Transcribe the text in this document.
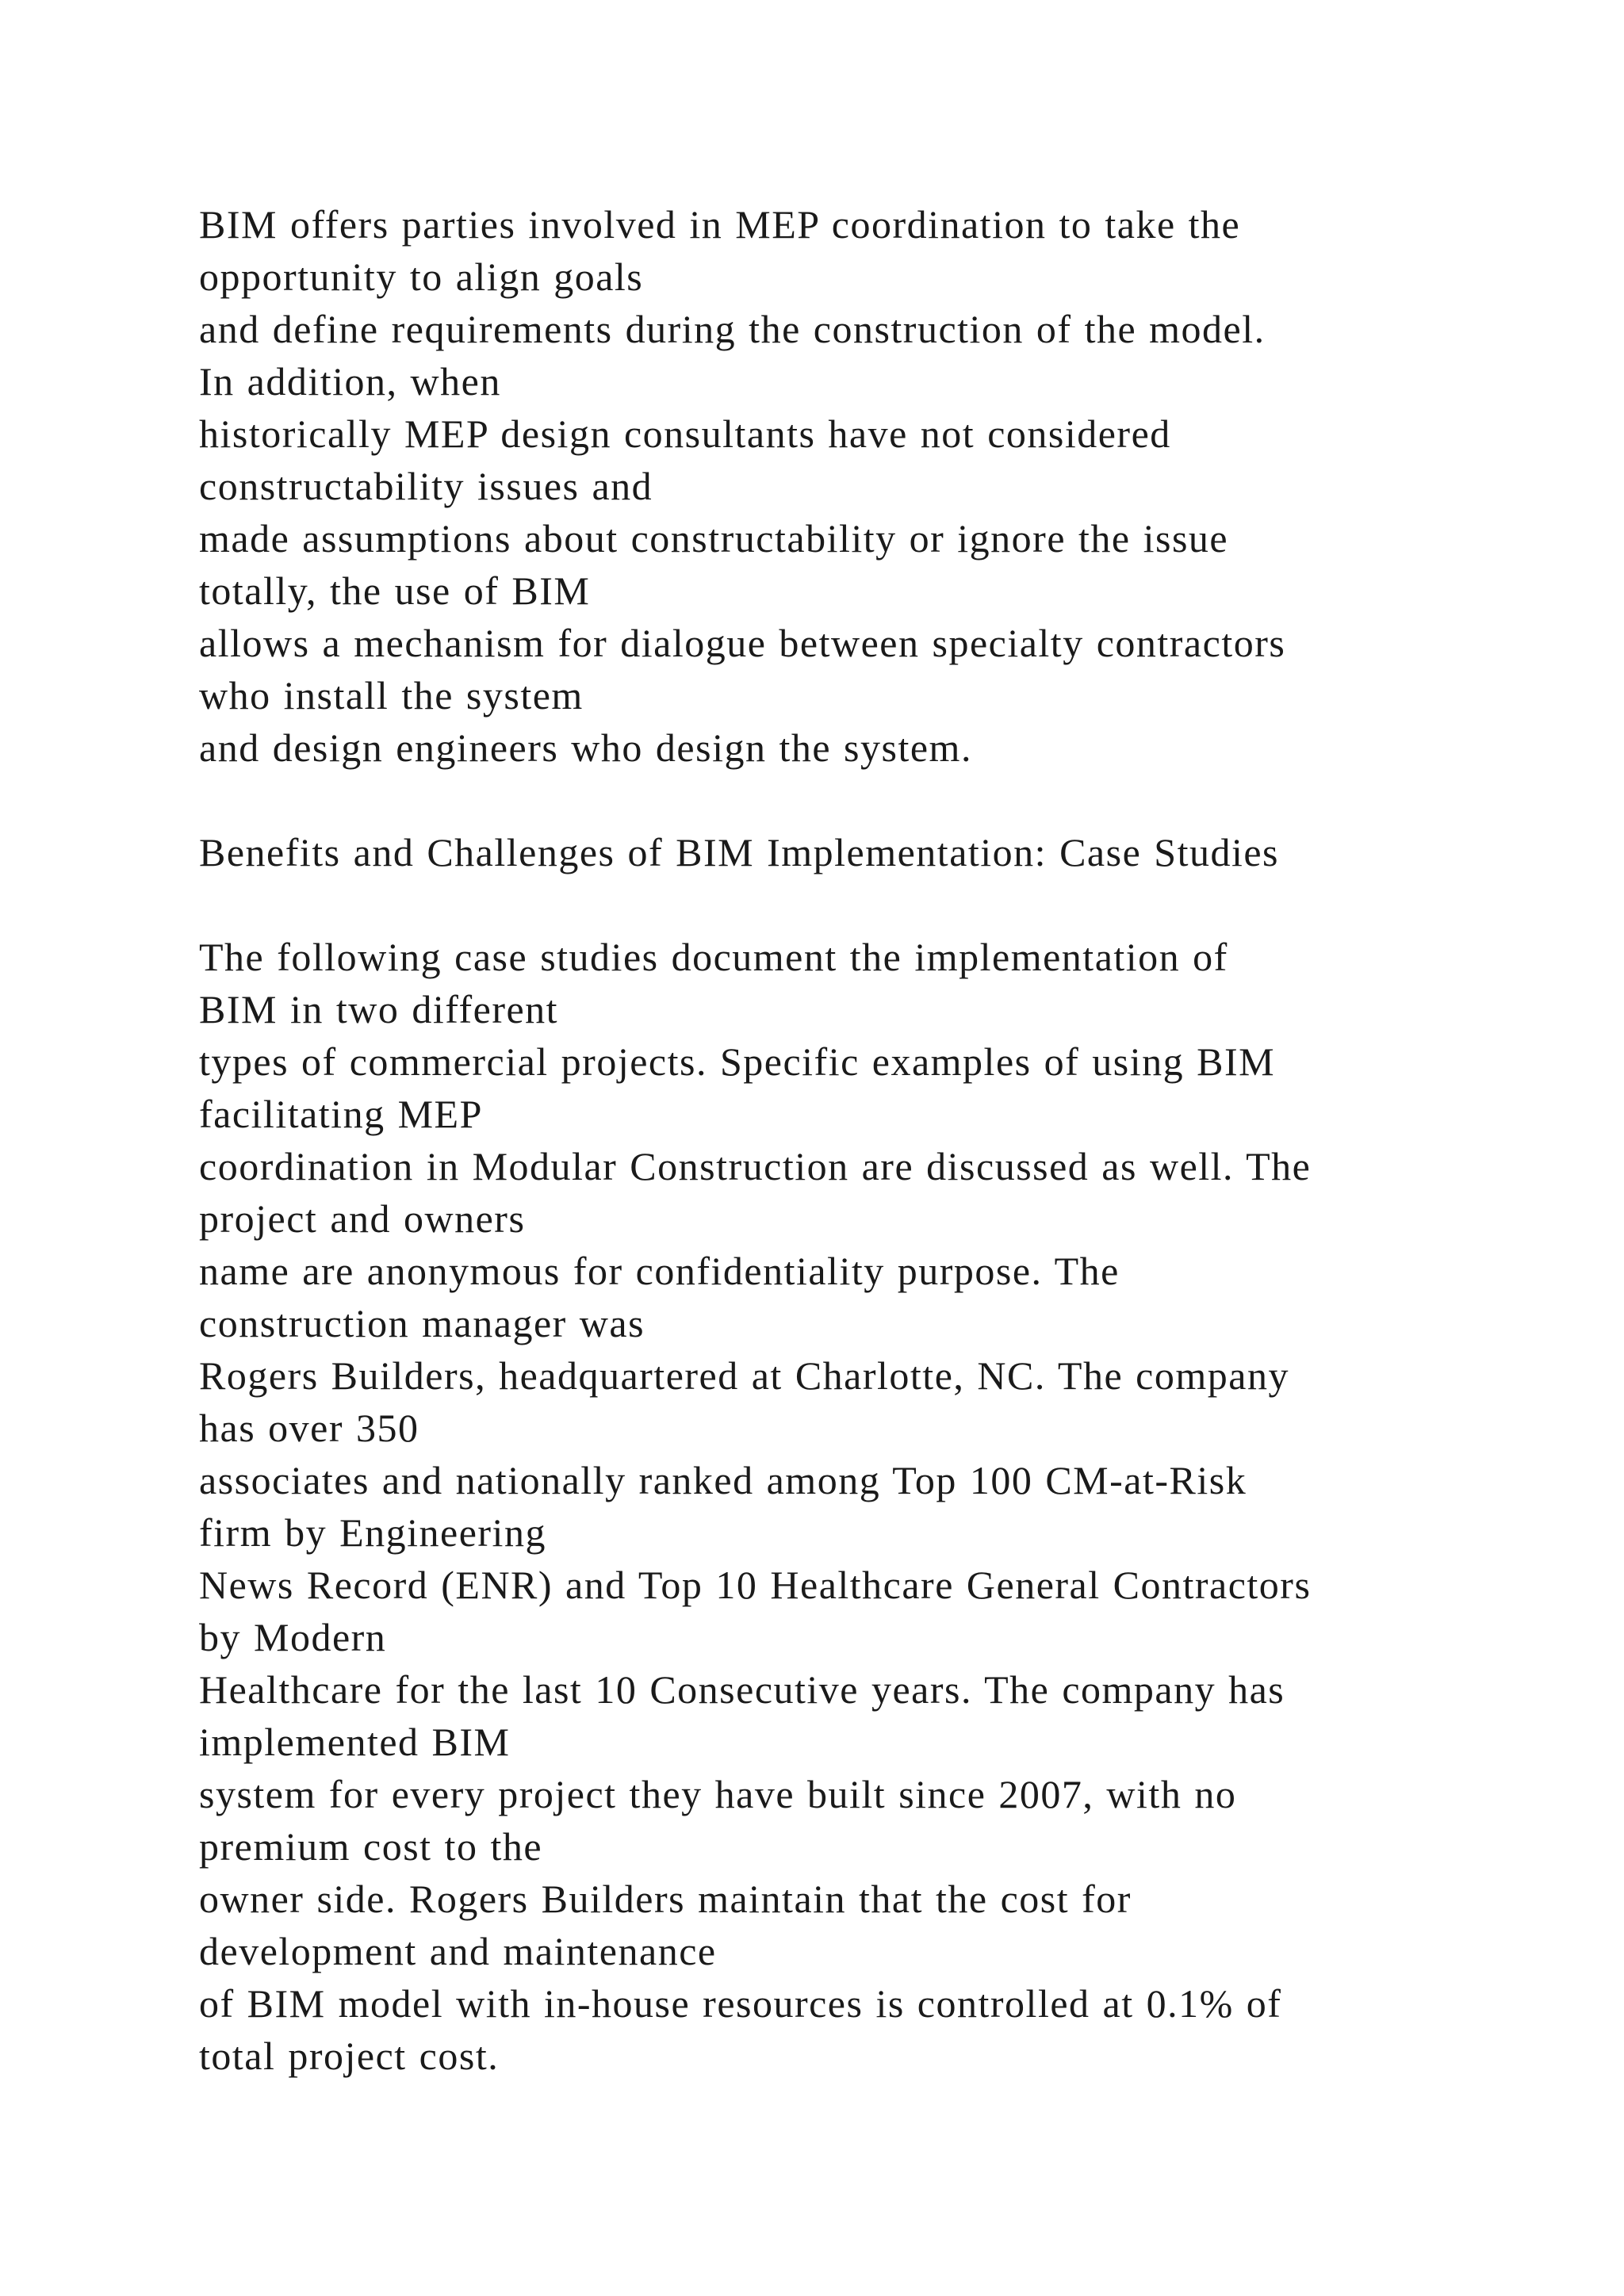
BIM offers parties involved in MEP coordination to take the
opportunity to align goals
and define requirements during the construction of the model.
In addition, when
historically MEP design consultants have not considered
constructability issues and
made assumptions about constructability or ignore the issue
totally, the use of BIM
allows a mechanism for dialogue between specialty contractors
who install the system
and design engineers who design the system.
Benefits and Challenges of BIM Implementation: Case Studies
The following case studies document the implementation of
BIM in two different
types of commercial projects. Specific examples of using BIM
facilitating MEP
coordination in Modular Construction are discussed as well. The
project and owners
name are anonymous for confidentiality purpose. The
construction manager was
Rogers Builders, headquartered at Charlotte, NC. The company
has over 350
associates and nationally ranked among Top 100 CM-at-Risk
firm by Engineering
News Record (ENR) and Top 10 Healthcare General Contractors
by Modern
Healthcare for the last 10 Consecutive years. The company has
implemented BIM
system for every project they have built since 2007, with no
premium cost to the
owner side. Rogers Builders maintain that the cost for
development and maintenance
of BIM model with in-house resources is controlled at 0.1% of
total project cost.
